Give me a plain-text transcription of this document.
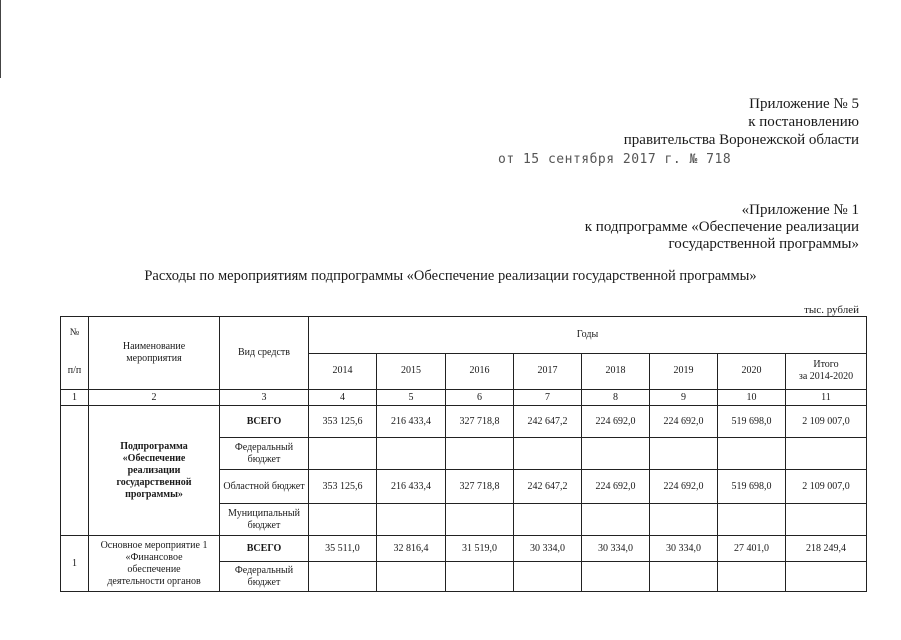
Приложение № 5
к постановлению
правительства Воронежской области
от 15 сентября 2017 г. № 718
«Приложение № 1
к подпрограмме «Обеспечение реализации
государственной программы»
Расходы по мероприятиям подпрограммы «Обеспечение реализации государственной программы»
тыс. рублей
№
п/п	Наименование мероприятия	Вид средств	Годы							
			2014	2015	2016	2017	2018	2019	2020	Итого
за 2014-2020

1	2	3	4	5	6	7	8	9	10	11
	Подпрограмма «Обеспечение реализации государственной программы»	ВСЕГО	353 125,6	216 433,4	327 718,8	242 647,2	224 692,0	224 692,0	519 698,0	2 109 007,0
		Федеральный бюджет								
		Областной бюджет	353 125,6	216 433,4	327 718,8	242 647,2	224 692,0	224 692,0	519 698,0	2 109 007,0
		Муниципальный бюджет								
1	Основное мероприятие 1 «Финансовое обеспечение деятельности органов	ВСЕГО	35 511,0	32 816,4	31 519,0	30 334,0	30 334,0	30 334,0	27 401,0	218 249,4
		Федеральный бюджет								
